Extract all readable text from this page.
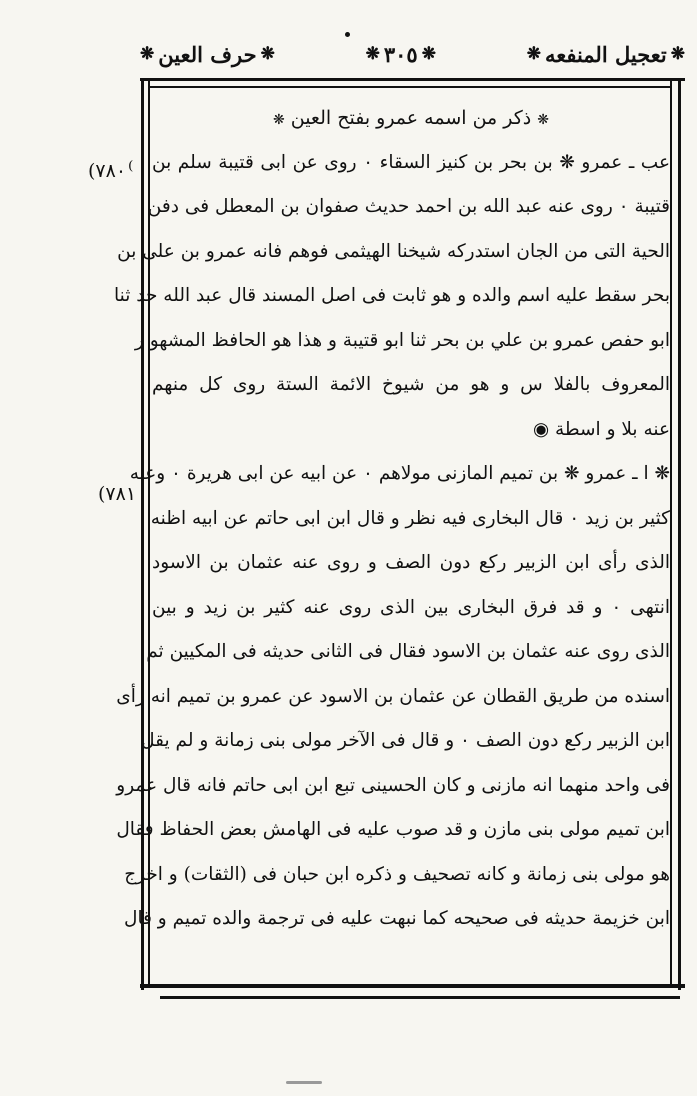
❋
تعجيل المنفعه
❋
❋
٣٠٥
❋
❋
حرف العين
❋
(٧٨٠ ⁽
(٧٨١
❋ ذكر من اسمه عمرو بفتح العين ❋
عب ـ عمرو ❋ بن بحر بن كنيز السقاء ٠ روى عن ابى قتيبة سلم بن
قتيبة ٠ روى عنه عبد الله بن احمد حديث صفوان بن المعطل فى دفن
الحية التى من الجان استدركه شيخنا الهيثمى فوهم فانه عمرو بن على بن
بحر سقط عليه اسم والده و هو ثابت فى اصل المسند قال عبد الله حد ثنا
ابو حفص عمرو بن علي بن بحر ثنا ابو قتيبة و هذا هو الحافظ المشهو ر
المعروف بالفلا س و هو من شيوخ الائمة الستة روى كل منهم
عنه بلا و اسطة ◉
❋ ا ـ عمرو ❋ بن تميم المازنى مولاهم ٠ عن ابيه عن ابى هريرة ٠ وعنه
كثير بن زيد ٠ قال البخارى فيه نظر و قال ابن ابى حاتم عن ابيه اظنه
الذى رأى ابن الزبير ركع دون الصف و روى عنه عثمان بن الاسود
انتهى ٠ و قد فرق البخارى بين الذى روى عنه كثير بن زيد و بين
الذى روى عنه عثمان بن الاسود فقال فى الثانى حديثه فى المكيين ثم
اسنده من طريق القطان عن عثمان بن الاسود عن عمرو بن تميم انه رأى
ابن الزبير ركع دون الصف ٠ و قال فى الآخر مولى بنى زمانة و لم يقل
فى واحد منهما انه مازنى و كان الحسينى تبع ابن ابى حاتم فانه قال عمرو
ابن تميم مولى بنى مازن و قد صوب عليه فى الهامش بعض الحفاظ فقال
هو مولى بنى زمانة و كانه تصحيف و ذكره ابن حبان فى (الثقات) و اخرج
ابن خزيمة حديثه فى صحيحه كما نبهت عليه فى ترجمة والده تميم و قال
